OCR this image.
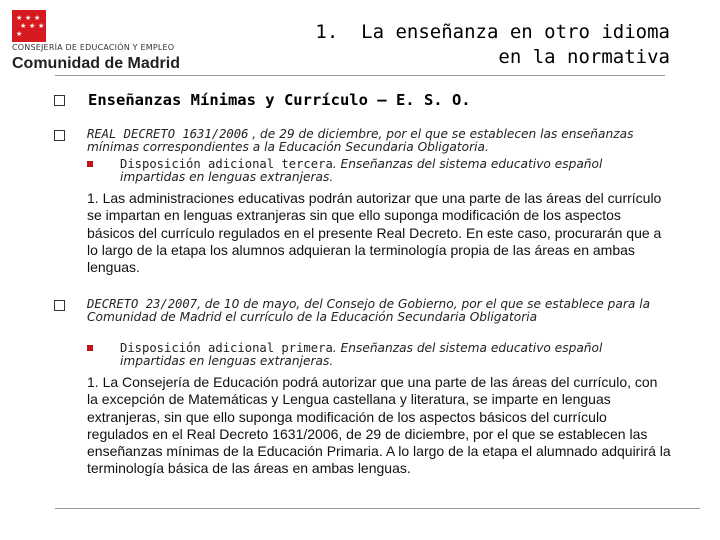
★ ★ ★
★ ★ ★
★
CONSEJERÍA DE EDUCACIÓN Y EMPLEO
Comunidad de Madrid
1.  La enseñanza en otro idioma
en la normativa
Enseñanzas Mínimas y Currículo – E. S. O.
REAL DECRETO 1631/2006 , de 29 de diciembre, por el que se establecen las enseñanzas mínimas correspondientes a la Educación Secundaria Obligatoria.
Disposición adicional tercera. Enseñanzas del sistema educativo español impartidas en lenguas extranjeras.
1. Las administraciones educativas podrán autorizar que una parte de las áreas del currículo se impartan en lenguas extranjeras sin que ello suponga modificación de los aspectos básicos del currículo regulados en el presente Real Decreto. En este caso, procurarán que a lo largo de la etapa los alumnos adquieran la terminología propia de las áreas en ambas lenguas.
DECRETO 23/2007, de 10 de mayo, del Consejo de Gobierno, por el que se establece para la Comunidad de Madrid el currículo de la Educación Secundaria Obligatoria
Disposición adicional primera. Enseñanzas del sistema educativo español impartidas en lenguas extranjeras.
1. La Consejería de Educación podrá autorizar que una parte de las áreas del currículo, con la excepción de Matemáticas y Lengua castellana y literatura, se imparte en lenguas extranjeras, sin que ello suponga modificación de los aspectos básicos del currículo regulados en el Real Decreto 1631/2006, de 29 de diciembre, por el que se establecen las enseñanzas mínimas de la Educación Primaria. A lo largo de la etapa el alumnado adquirirá la terminología básica de las áreas en ambas lenguas.
